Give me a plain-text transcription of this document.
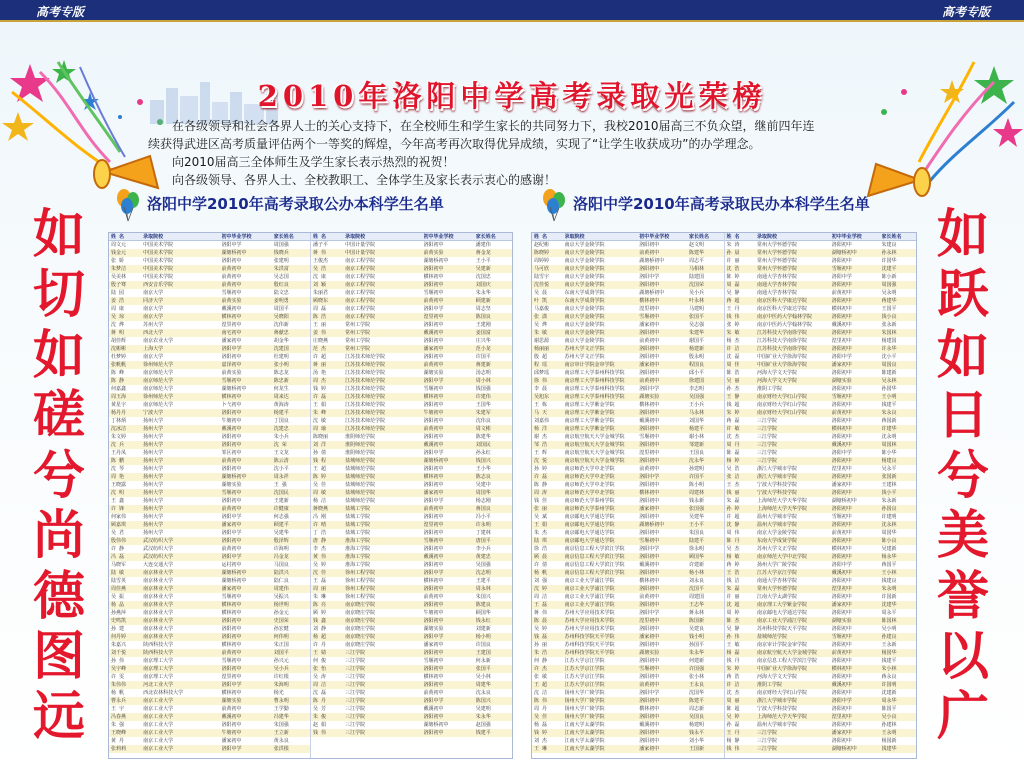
高考专版	高考专版
2010年洛阳中学高考录取光荣榜

在各级领导和社会各界人士的关心支持下，在全校师生和学生家长的共同努力下，我校2010届高三不负众望，继前四年连

续获得武进区高考质量评估两个一等奖的辉煌，今年高考再次取得优异成绩，实现了“让学生收获成功”的办学理念。

向2010届高三全体师生及学生家长表示热烈的祝贺！

向各级领导、各界人士、全校教职工、全体学生及家长表示衷心的感谢！

如
切
如
磋
兮
尚
德
图
远
如
跃
如
日
兮
美
誉
以
广
洛阳中学2010年高考录取公办本科学生名单	洛阳中学2010年高考录取民办本科学生名单
姓 名	录取院校	初中毕业学校	家长姓名
周文元	中国美术学院	洛阳中学	周国强
钱金元	中国美术学院	湖塘桥初中	钱晓兵
张 娇	中国美术学院	洛阳初中	张建明
朱梦洁	中国美术学院	前黄初中	朱洪富
吴美林	中国美术学院	前黄初中	吴志国
殷子骞	西安音乐学院	前黄初中	殷红良
陆 园	南京大学	雪堰初中	陆文忠
姜 浩	同济大学	前黄实验	姜明勇
周 康	南京大学	戴溪初中	周国平
吴 琼	南京大学	横林初中	吴晓阳
沈 烨	苏州大学	湟里初中	沈伟新
蒋 明	西北大学	南宅初中	蒋献忠
胡佳辉	南京农业大学	潘家初中	胡金华
沈彬彬	上海大学	洛阳中学	沈建国
杜梦婷	南京大学	洛阳初中	杜建明
张帆帆	徐州师范大学	嘉泽初中	张小明
陈 峰	南京师范大学	前黄实验	陈志龙
陈 静	南京师范大学	雪堰初中	陈忠新
何嘉鑫	南京师范大学	湖塘桥初中	何龙生
周玉海	徐州师范大学	横林初中	周来达
黄星宇	南京师范大学	卜弋初中	黄海涛
杨丹丹	宁波大学	洛阳初中	杨建平
丁林炳	扬州大学	牛塘初中	丁国良
沈冰洁	扬州大学	戴溪初中	沈建忠
朱文婷	扬州大学	洛阳初中	朱小兵
沈 兵	扬州大学	洛阳初中	沈 荣
王丹凤	扬州大学	邹区初中	王文龙
陈 鹏	扬州大学	前黄初中	陈云清
沈 琴	扬州大学	洛阳初中	沈小平
周 艳	扬州大学	湖塘桥初中	周永祥
王晓露	扬州大学	湖塘实验	王 强
沈 明	扬州大学	雪堰初中	沈国民
王 鑫	扬州大学	洛阳初中	王建新
许 锋	扬州大学	前黄初中	许健康
何家伟	扬州大学	洛阳中学	何志强
顾嘉琪	扬州大学	潘家初中	顾建平
吴 君	扬州大学	洛阳中学	吴建华
殷伟伟	武汉纺织大学	洛阳初中	殷泽辉
许 静	武汉纺织大学	前黄初中	许海明
冯 磊	武汉纺织大学	洛阳中学	冯金龙
马晓军	大连交通大学	运村初中	马国良
陆 敏	南京林业大学	湖塘桥初中	陆洪兴
陆雪英	南京林业大学	湖塘桥初中	陆仁良
周佳燕	南京林业大学	潘家初中	周建伟
吴 振	南京林业大学	雪堰初中	吴振兴
杨 晶	南京林业大学	横林初中	杨世明
孙燕萍	南京林业大学	横林初中	孙金元
史鸣凯	南京林业大学	洛阳初中	史国荣
孙 建	南京林业大学	洛阳初中	孙宏健
何丹婷	南京林业大学	洛阳初中	何伟明
朱嘉兴	陕西科技大学	横林初中	朱正国
刘千悦	陕西科技大学	前黄初中	刘国平
孙 伟	南京理工大学	雪堰初中	孙兴元
吴宇峰	南京理工大学	洛阳初中	吴小兵
许 雯	南京理工大学	湟里初中	许红根
朱伟伟	河北工业大学	洛阳中学	朱海明
杨 帆	西北农林科技大学	横林初中	杨光
曹永兵	南京工业大学	湖塘实验	曹永明
王 宇	南京工业大学	前黄初中	王学勤
冯春燕	南京工业大学	戴溪初中	冯建华
朱 强	南京工业大学	洛阳初中	朱国强
王晓峰	南京工业大学	牛塘初中	王立新
黄 丹	南京工业大学	潘家初中	黄永良
张莉莉	南京工业大学	洛阳中学	张洪根
姓 名	录取院校	初中毕业学校	家长姓名
潘子平	中国计量学院	洛阳初中	潘建伟
蒋 伟	中国计量学院	前黄实验	蒋金龙
王俊杰	南京工程学院	湖塘桥初中	王小平
吴 浩	南京工程学院	洛阳初中	吴建新
沈 康	南京工程学院	横林初中	沈国忠
刘 颖	南京工程学院	洛阳初中	刘国庆
朱丽君	南京工程学院	雪堰初中	朱永华
顾晓东	南京工程学院	前黄初中	顾建新
周 磊	南京工程学院	洛阳中学	周志坚
陈 浩	南京工程学院	湟里初中	陈国良
王 丽	常州工学院	洛阳初中	王建刚
姜 伟	常州工学院	戴溪初中	姜国富
庄晓燕	常州工学院	洛阳初中	庄兴华
范 杰	常州工学院	潘家初中	范小龙
许 超	江苏技术师范学院	洛阳初中	许国平
蒋 丽	江苏技术师范学院	前黄初中	蒋建新
汤 艳	江苏技术师范学院	湖塘实验	汤志明
周 杰	江苏技术师范学院	洛阳中学	周小林
钱 婷	江苏技术师范学院	雪堰初中	钱国强
许 磊	江苏技术师范学院	横林初中	许建伟
王 娟	江苏技术师范学院	洛阳初中	王国华
朱 峰	江苏技术师范学院	牛塘初中	朱建军
沈 敏	江苏技术师范学院	洛阳初中	沈伟良
周 瑜	江苏技术师范学院	前黄初中	周文彬
陈晓丽	淮阴师范学院	洛阳初中	陈建华
刘 洋	淮阴师范学院	戴溪初中	刘国民
孙 倩	淮阴师范学院	洛阳中学	孙永红
钱 程	盐城师范学院	湖塘桥初中	钱国兴
王 超	盐城师范学院	洛阳初中	王小华
陈 婷	盐城师范学院	横林初中	陈志良
吴 佳	盐城师范学院	洛阳初中	吴建中
周 敏	盐城师范学院	潘家初中	周国华
杨 洁	盐城师范学院	洛阳中学	杨志刚
蒋晓燕	盐城工学院	前黄初中	蒋国良
冯 刚	盐城工学院	洛阳初中	冯小平
许 晴	盐城工学院	湟里初中	许永明
丁 浩	盐城工学院	洛阳初中	丁建林
唐 静	淮海工学院	雪堰初中	唐国平
李 杰	淮海工学院	洛阳初中	李小兵
黄 伟	淮海工学院	戴溪初中	黄建忠
吴 婷	淮海工学院	洛阳初中	吴国强
沈 佳	徐州工程学院	洛阳中学	沈志明
王 磊	徐州工程学院	横林初中	王建平
周 丽	徐州工程学院	洛阳初中	周永林
朱 琳	徐州工程学院	前黄初中	朱国兴
陈 亮	南京晓庄学院	洛阳初中	陈建良
顾 婷	南京晓庄学院	牛塘初中	顾国华
钱 鑫	南京晓庄学院	洛阳初中	钱永红
刘 静	南京晓庄学院	湖塘实验	刘建新
杨 超	南京晓庄学院	洛阳中学	杨小明
许 丹	南京晓庄学院	潘家初中	许国良
王 婧	三江学院	洛阳初中	王建国
何 俊	三江学院	雪堰初中	何永新
张 怡	三江学院	洛阳初中	张国平
吴 涛	三江学院	横林初中	吴小林
周 洁	三江学院	洛阳初中	周建华
沈 磊	三江学院	前黄初中	沈永良
陈 丹	三江学院	洛阳中学	陈国兴
吴 芳	三江学院	戴溪初中	吴建明
朱 俊	三江学院	洛阳初中	朱永华
赵 娟	三江学院	湖塘桥初中	赵国强
钱 伟	三江学院	洛阳初中	钱建平
姓 名	录取院校	初中毕业学校	家长姓名
赵纪彬	南京大学金陵学院	洛阳初中	赵文明
陈晓婷	南京大学金陵学院	前黄初中	陈建华
周婷婷	南京大学金陵学院	湖塘桥初中	周志平
马可欣	南京大学金陵学院	洛阳初中	马相林
陆雪宇	南京大学金陵学院	洛阳中学	陆建国
沈佳悦	南京大学金陵学院	洛阳初中	沈国荣
吴 晨	东南大学成贤学院	湖塘桥初中	吴小兵
叶 凯	东南大学成贤学院	横林初中	叶永林
马嘉俊	南京大学金陵学院	湟里初中	马建明
张 潇	南京大学金陵学院	雪堰初中	张国平
吴 烨	南京大学金陵学院	潘家初中	吴志强
朱 敏	南京大学金陵学院	洛阳初中	朱建华
谢思源	南京大学金陵学院	前黄初中	谢国平
杨丽丽	苏州大学文正学院	洛阳初中	杨建新
殷 超	苏州大学文正学院	洛阳初中	殷永明
程 瑶	南京审计学院金审学院	潘家初中	程国良
邱梦瑶	南京理工大学泰州科技学院	洛阳初中	邱小平
徐 伟	南京理工大学泰州科技学院	前黄初中	徐建国
李 晨	南京理工大学泰州科技学院	洛阳中学	李志明
吴旭东	南京理工大学泰州科技学院	湖塘实验	吴国强
王 栋	南京理工大学紫金学院	横林初中	王小兵
马 天	南京理工大学紫金学院	洛阳初中	马永林
刘嘉伟	南京理工大学紫金学院	戴溪初中	刘国华
杨 洋	南京理工大学紫金学院	洛阳初中	杨建平
谢 杰	南京航空航天大学金城学院	雪堰初中	谢小林
邹 浩	南京航空航天大学金城学院	洛阳初中	邹建新
王 辉	南京航空航天大学金城学院	湟里初中	王国良
沈 悦	南京航空航天大学金城学院	洛阳初中	沈永华
孙 婷	南京师范大学中北学院	前黄初中	孙建明
许 磊	南京师范大学中北学院	洛阳中学	许国平
陈 静	南京师范大学中北学院	洛阳初中	陈小明
周 涛	南京师范大学中北学院	横林初中	周建林
钱 佳	南京师范大学泰州学院	洛阳初中	钱永新
张 丽	南京师范大学泰州学院	潘家初中	张国强
吴 斌	南京邮电大学通达学院	洛阳初中	吴建华
王 娟	南京邮电大学通达学院	湖塘桥初中	王小平
朱 杰	南京邮电大学通达学院	洛阳初中	朱国良
陆 琪	南京邮电大学通达学院	雪堰初中	陆建平
徐 浩	南京信息工程大学滨江学院	洛阳中学	徐永明
顾 晨	南京信息工程大学滨江学院	洛阳初中	顾国华
许 倩	南京信息工程大学滨江学院	戴溪初中	许建新
杨 帆	南京信息工程大学滨江学院	洛阳初中	杨小林
刘 强	南京工业大学浦江学院	横林初中	刘永良
沈 婷	南京工业大学浦江学院	洛阳初中	沈国平
周 洁	南京工业大学浦江学院	前黄初中	周建国
王 磊	南京工业大学浦江学院	洛阳初中	王志华
蒋 伟	苏州大学应用技术学院	洛阳中学	蒋永林
陈 晨	苏州大学应用技术学院	湟里初中	陈国新
吴 婷	苏州大学应用技术学院	洛阳初中	吴建良
钱 磊	苏州科技学院天平学院	潘家初中	钱小明
孙 丽	苏州科技学院天平学院	洛阳初中	孙国平
朱 浩	苏州科技学院天平学院	湖塘实验	朱永华
何 静	江苏大学京江学院	洛阳初中	何建新
许 杰	江苏大学京江学院	雪堰初中	许国强
张 敏	江苏大学京江学院	洛阳初中	张小林
王 超	江苏大学京江学院	前黄初中	王永良
沈 洁	扬州大学广陵学院	洛阳中学	沈国华
陈 伟	扬州大学广陵学院	洛阳初中	陈建平
周 丹	扬州大学广陵学院	横林初中	周志新
吴 佳	扬州大学广陵学院	洛阳初中	吴国良
杨 磊	江南大学太湖学院	戴溪初中	杨建明
钱 婷	江南大学太湖学院	洛阳初中	钱永平
刘 杰	江南大学太湖学院	洛阳初中	刘小华
王 琳	江南大学太湖学院	潘家初中	王国新
姓 名	录取院校	初中毕业学校	家长姓名
朱 涛	常州大学怀德学院	洛阳初中	朱建良
孙 晨	常州大学怀德学院	湖塘桥初中	孙永林
许 丽	常州大学怀德学院	洛阳初中	许国华
沈 浩	常州大学怀德学院	雪堰初中	沈建平
陈 婷	南通大学杏林学院	洛阳中学	陈小新
周 磊	南通大学杏林学院	洛阳初中	周国强
吴 静	南通大学杏林学院	前黄初中	吴永明
蒋 超	南京医科大学康达学院	洛阳初中	蒋建华
王 丹	南京医科大学康达学院	横林初中	王国平
钱 伟	南京中医药大学翰林学院	洛阳初中	钱小良
张 婷	南京中医药大学翰林学院	戴溪初中	张永新
朱 敏	江苏科技大学南徐学院	洛阳初中	朱国林
杨 杰	江苏科技大学南徐学院	湟里初中	杨建国
许 洁	江苏科技大学南徐学院	洛阳初中	许永华
沈 磊	中国矿业大学徐海学院	洛阳中学	沈小平
周 佳	中国矿业大学徐海学院	潘家初中	周国良
陈 浩	河海大学文天学院	洛阳初中	陈建新
吴 丽	河海大学文天学院	湖塘实验	吴永林
孙 杰	淮阴工学院	洛阳初中	孙国华
王 静	南京财经大学红山学院	雪堰初中	王小明
钱 超	南京财经大学红山学院	洛阳初中	钱建平
朱 婷	南京财经大学红山学院	前黄初中	朱永良
蒋 磊	三江学院	洛阳初中	蒋国新
许 敏	三江学院	横林初中	许建华
沈 杰	三江学院	洛阳初中	沈永明
周 丹	三江学院	戴溪初中	周国林
陈 磊	三江学院	洛阳中学	陈小华
杨 婷	三江学院	洛阳初中	杨建良
吴 浩	浙江大学城市学院	湟里初中	吴永平
张 洁	浙江大学城市学院	洛阳初中	张国新
王 杰	宁波大学科技学院	潘家初中	王建林
钱 丽	宁波大学科技学院	洛阳初中	钱小平
朱 磊	上海师范大学天华学院	湖塘桥初中	朱永新
孙 婷	上海师范大学天华学院	洛阳初中	孙国良
许 超	温州大学城市学院	雪堰初中	许建明
沈 静	温州大学城市学院	洛阳初中	沈永林
周 伟	南京大学金陵学院	前黄初中	周国华
陈 丹	东南大学成贤学院	洛阳初中	陈小良
吴 杰	苏州大学文正学院	横林初中	吴建新
杨 敏	南京师范大学中北学院	洛阳初中	杨永华
蒋 婷	扬州大学广陵学院	洛阳中学	蒋国平
王 浩	江苏大学京江学院	戴溪初中	王小林
钱 洁	南通大学杏林学院	洛阳初中	钱建良
朱 磊	常州大学怀德学院	湟里初中	朱永明
许 丽	江南大学太湖学院	洛阳初中	许国新
沈 超	南京理工大学紫金学院	潘家初中	沈建华
周 婷	南京邮电大学通达学院	洛阳初中	周永平
陈 杰	南京工业大学浦江学院	湖塘实验	陈国林
吴 静	苏州科技学院天平学院	洛阳初中	吴小明
孙 伟	盐城师范学院	雪堰初中	孙建良
王 敏	南京审计学院金审学院	洛阳初中	王永新
杨 磊	南京航空航天大学金城学院	前黄初中	杨国华
钱 丹	南京信息工程大学滨江学院	洛阳初中	钱建平
朱 婷	中国矿业大学徐海学院	横林初中	朱小林
蒋 浩	河海大学文天学院	洛阳初中	蒋永良
许 洁	淮阴工学院	戴溪初中	许国明
沈 杰	南京财经大学红山学院	洛阳初中	沈建新
周 丽	浙江大学城市学院	洛阳中学	周永华
陈 超	宁波大学科技学院	洛阳初中	陈国平
吴 婷	上海师范大学天华学院	湟里初中	吴小良
孙 磊	温州大学城市学院	洛阳初中	孙建林
王 丹	三江学院	潘家初中	王永明
杨 静	三江学院	洛阳初中	杨国新
钱 伟	三江学院	湖塘桥初中	钱建华
